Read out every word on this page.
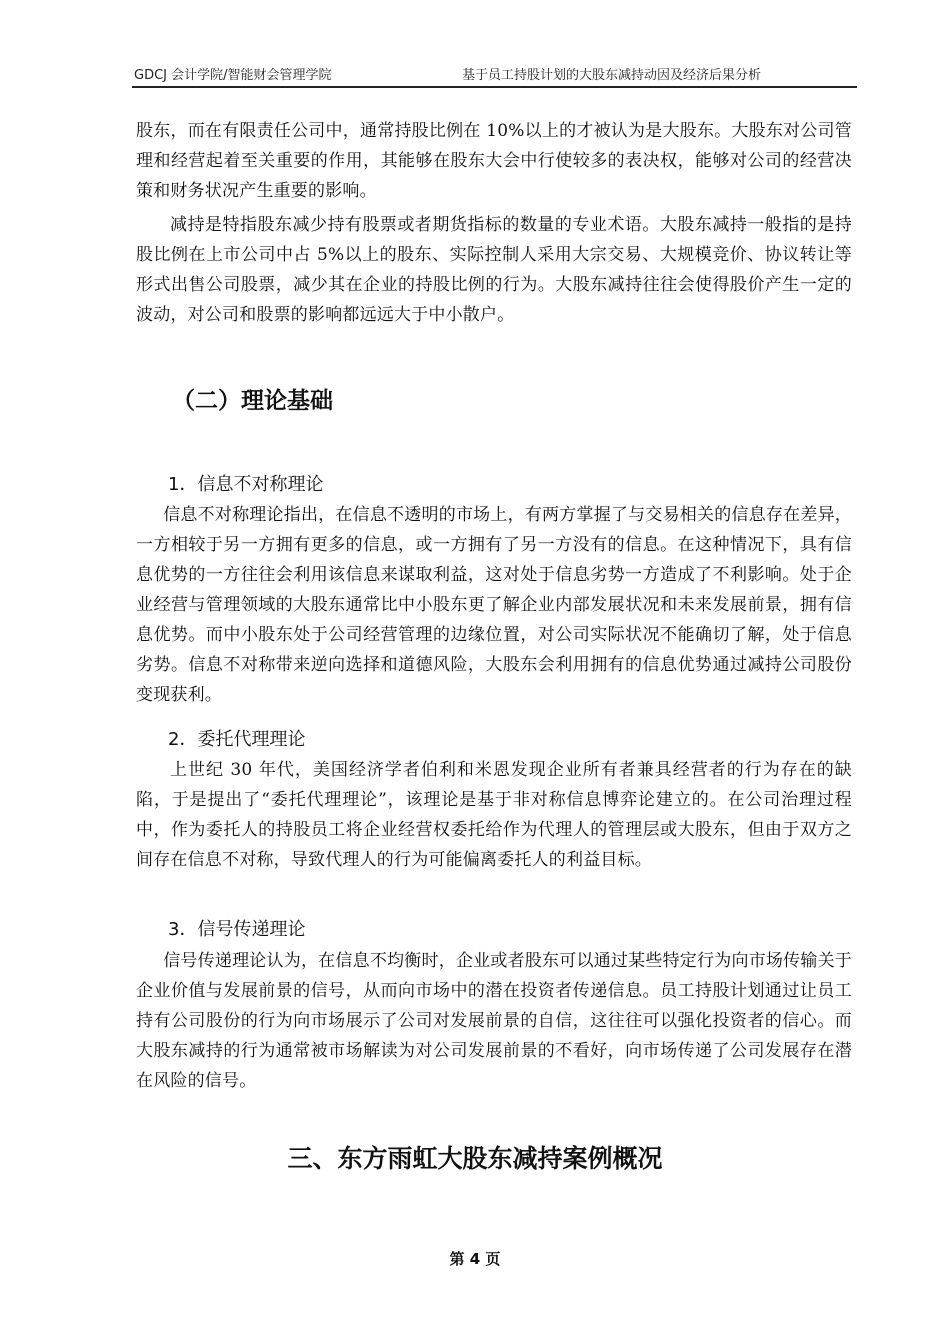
GDCJ 会计学院/智能财会管理学院	基于员工持股计划的大股东减持动因及经济后果分析
股东，而在有限责任公司中，通常持股比例在 10%以上的才被认为是大股东。大股东对公司管理和经营起着至关重要的作用，其能够在股东大会中行使较多的表决权，能够对公司的经营决策和财务状况产生重要的影响。
减持是特指股东减少持有股票或者期货指标的数量的专业术语。大股东减持一般指的是持股比例在上市公司中占 5%以上的股东、实际控制人采用大宗交易、大规模竞价、协议转让等形式出售公司股票，减少其在企业的持股比例的行为。大股东减持往往会使得股价产生一定的波动，对公司和股票的影响都远远大于中小散户。
（二）理论基础
1．信息不对称理论
信息不对称理论指出，在信息不透明的市场上，有两方掌握了与交易相关的信息存在差异，一方相较于另一方拥有更多的信息，或一方拥有了另一方没有的信息。在这种情况下，具有信息优势的一方往往会利用该信息来谋取利益，这对处于信息劣势一方造成了不利影响。处于企业经营与管理领域的大股东通常比中小股东更了解企业内部发展状况和未来发展前景，拥有信息优势。而中小股东处于公司经营管理的边缘位置，对公司实际状况不能确切了解，处于信息劣势。信息不对称带来逆向选择和道德风险，大股东会利用拥有的信息优势通过减持公司股份变现获利。
2．委托代理理论
上世纪 30 年代，美国经济学者伯利和米恩发现企业所有者兼具经营者的行为存在的缺陷，于是提出了“委托代理理论”，该理论是基于非对称信息博弈论建立的。在公司治理过程中，作为委托人的持股员工将企业经营权委托给作为代理人的管理层或大股东，但由于双方之间存在信息不对称，导致代理人的行为可能偏离委托人的利益目标。
3．信号传递理论
信号传递理论认为，在信息不均衡时，企业或者股东可以通过某些特定行为向市场传输关于企业价值与发展前景的信号，从而向市场中的潜在投资者传递信息。员工持股计划通过让员工持有公司股份的行为向市场展示了公司对发展前景的自信，这往往可以强化投资者的信心。而大股东减持的行为通常被市场解读为对公司发展前景的不看好，向市场传递了公司发展存在潜在风险的信号。
三、东方雨虹大股东减持案例概况
第 4 页
